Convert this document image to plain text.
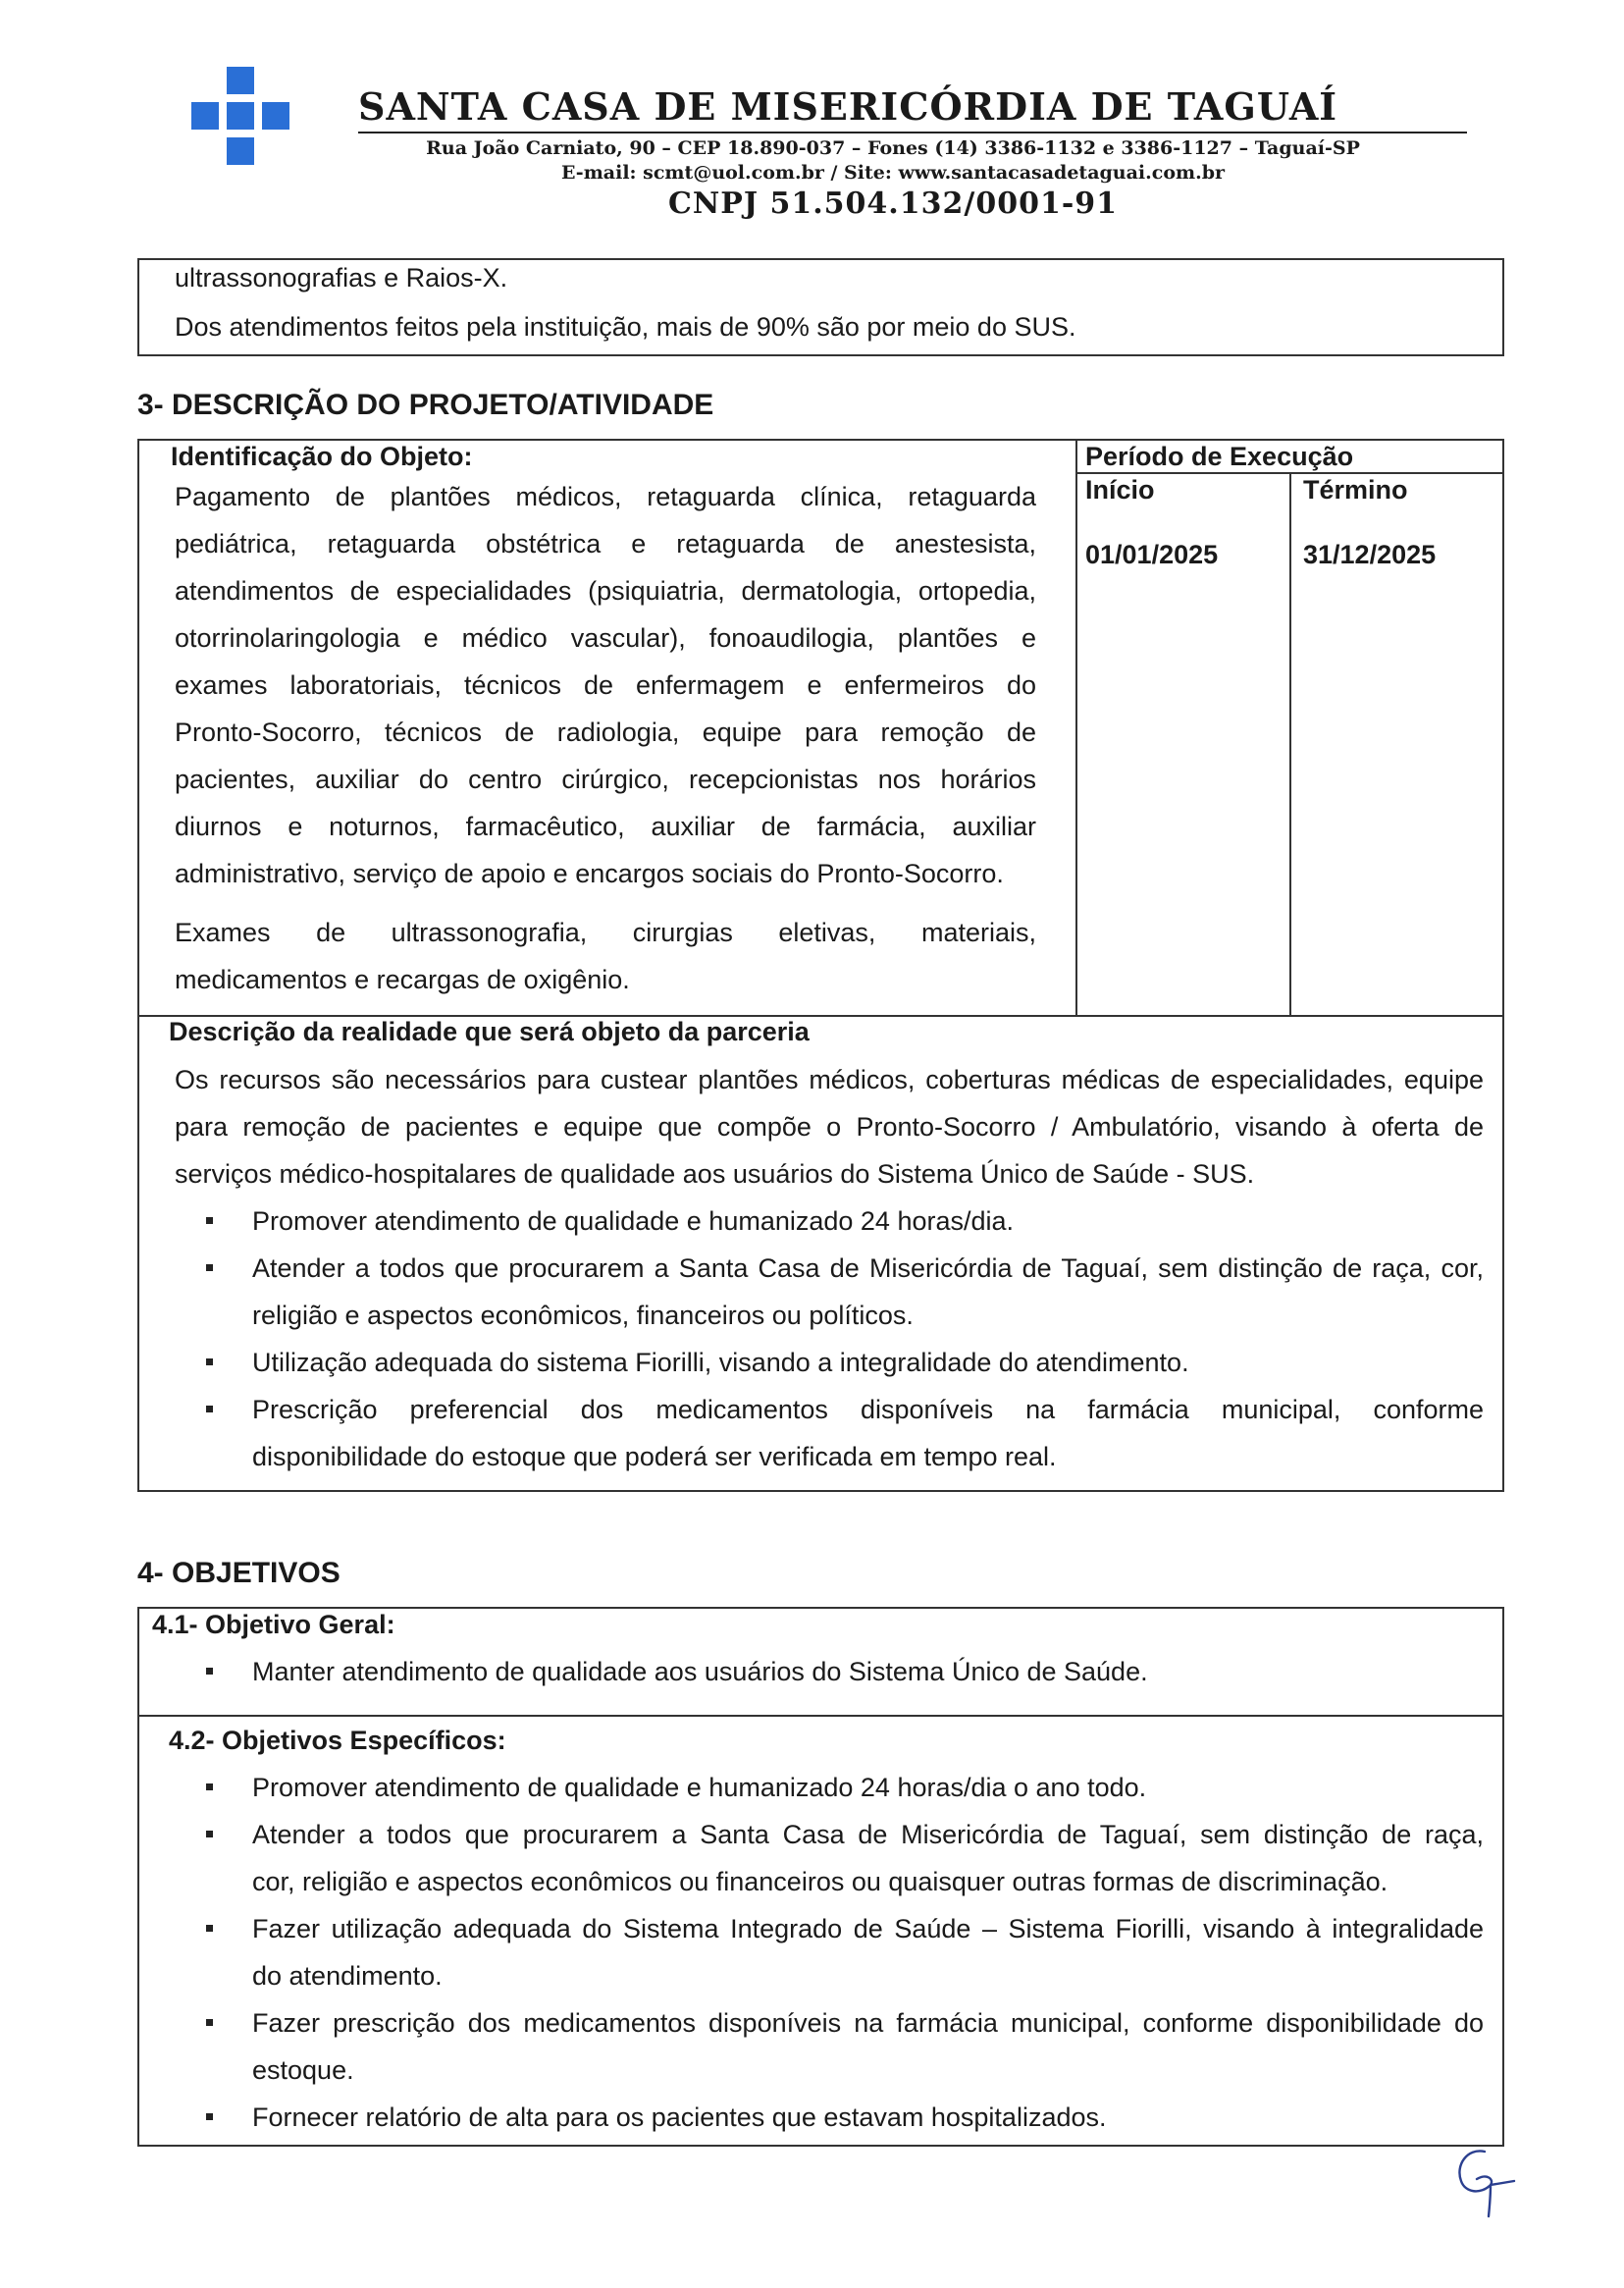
SANTA CASA DE MISERICÓRDIA DE TAGUAÍ
Rua João Carniato, 90 – CEP 18.890-037 – Fones (14) 3386-1132 e 3386-1127 – Taguaí-SP
E-mail: scmt@uol.com.br / Site: www.santacasadetaguai.com.br
CNPJ 51.504.132/0001-91
ultrassonografias e Raios-X.
Dos atendimentos feitos pela instituição, mais de 90% são por meio do SUS.
3- DESCRIÇÃO DO PROJETO/ATIVIDADE
Identificação do Objeto:
Pagamento de plantões médicos, retaguarda clínica, retaguarda
pediátrica, retaguarda obstétrica e retaguarda de anestesista,
atendimentos de especialidades (psiquiatria, dermatologia, ortopedia,
otorrinolaringologia e médico vascular), fonoaudilogia, plantões e
exames laboratoriais, técnicos de enfermagem e enfermeiros do
Pronto-Socorro, técnicos de radiologia, equipe para remoção de
pacientes, auxiliar do centro cirúrgico, recepcionistas nos horários
diurnos e noturnos, farmacêutico, auxiliar de farmácia, auxiliar
administrativo, serviço de apoio e encargos sociais do Pronto-Socorro.
Exames de ultrassonografia, cirurgias eletivas, materiais,
medicamentos e recargas de oxigênio.
Período de Execução
Início	Término
01/01/2025	31/12/2025
Descrição da realidade que será objeto da parceria
Os recursos são necessários para custear plantões médicos, coberturas médicas de especialidades, equipe
para remoção de pacientes e equipe que compõe o Pronto-Socorro / Ambulatório, visando à oferta de
serviços médico-hospitalares de qualidade aos usuários do Sistema Único de Saúde - SUS.
Promover atendimento de qualidade e humanizado 24 horas/dia.
Atender a todos que procurarem a Santa Casa de Misericórdia de Taguaí, sem distinção de raça, cor,
religião e aspectos econômicos, financeiros ou políticos.
Utilização adequada do sistema Fiorilli, visando a integralidade do atendimento.
Prescrição preferencial dos medicamentos disponíveis na farmácia municipal, conforme
disponibilidade do estoque que poderá ser verificada em tempo real.
4- OBJETIVOS
4.1- Objetivo Geral:
Manter atendimento de qualidade aos usuários do Sistema Único de Saúde.
4.2- Objetivos Específicos:
Promover atendimento de qualidade e humanizado 24 horas/dia o ano todo.
Atender a todos que procurarem a Santa Casa de Misericórdia de Taguaí, sem distinção de raça,
cor, religião e aspectos econômicos ou financeiros ou quaisquer outras formas de discriminação.
Fazer utilização adequada do Sistema Integrado de Saúde – Sistema Fiorilli, visando à integralidade
do atendimento.
Fazer prescrição dos medicamentos disponíveis na farmácia municipal, conforme disponibilidade do
estoque.
Fornecer relatório de alta para os pacientes que estavam hospitalizados.
